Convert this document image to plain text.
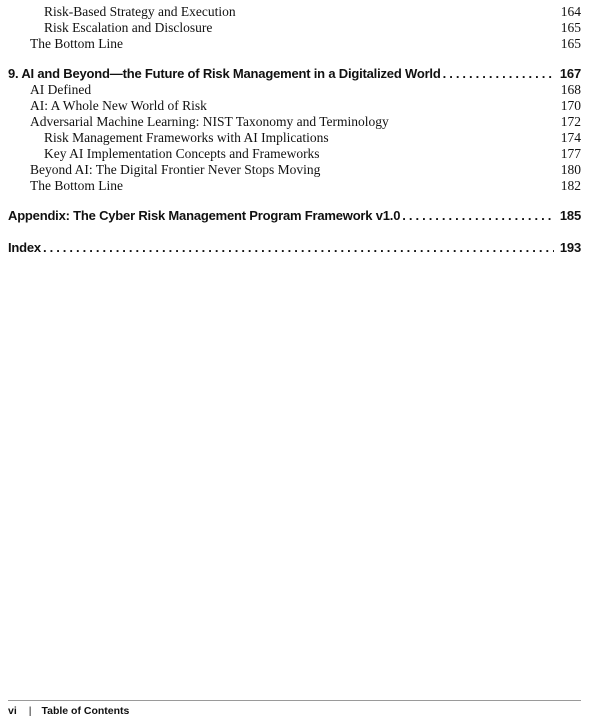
Risk-Based Strategy and Execution	164
Risk Escalation and Disclosure	165
The Bottom Line	165
9. AI and Beyond—the Future of Risk Management in a Digitalized World .....	167
AI Defined	168
AI: A Whole New World of Risk	170
Adversarial Machine Learning: NIST Taxonomy and Terminology	172
Risk Management Frameworks with AI Implications	174
Key AI Implementation Concepts and Frameworks	177
Beyond AI: The Digital Frontier Never Stops Moving	180
The Bottom Line	182
Appendix: The Cyber Risk Management Program Framework v1.0 .....	185
Index .....	193
vi | Table of Contents
